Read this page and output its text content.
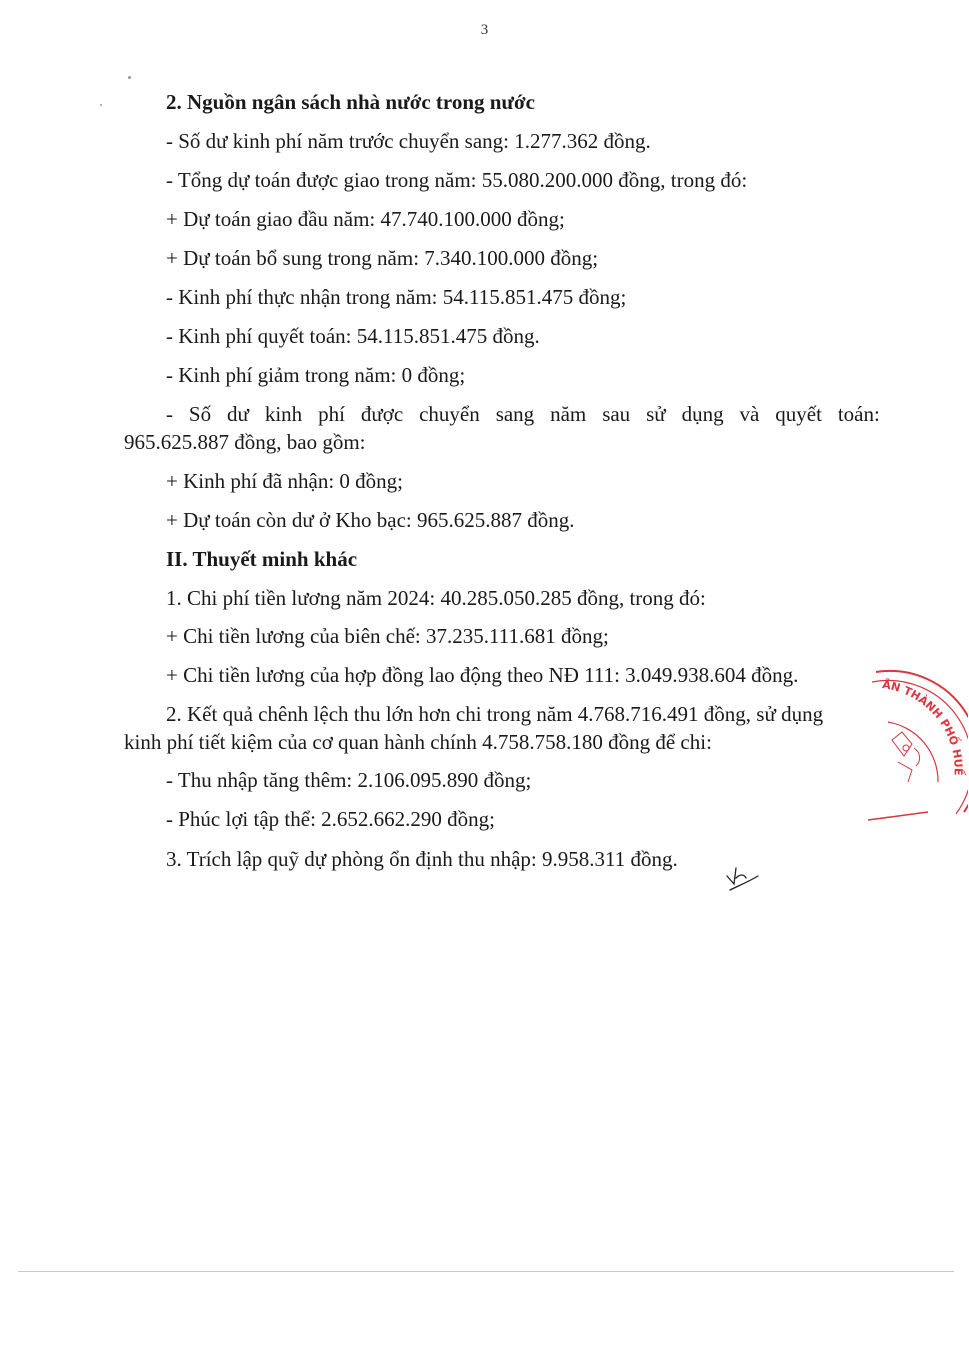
3
2. Nguồn ngân sách nhà nước trong nước
- Số dư kinh phí năm trước chuyển sang: 1.277.362 đồng.
- Tổng dự toán được giao trong năm: 55.080.200.000 đồng, trong đó:
+ Dự toán giao đầu năm: 47.740.100.000 đồng;
+ Dự toán bổ sung trong năm: 7.340.100.000 đồng;
- Kinh phí thực nhận trong năm: 54.115.851.475 đồng;
- Kinh phí quyết toán: 54.115.851.475 đồng.
- Kinh phí giảm trong năm: 0 đồng;
- Số dư kinh phí được chuyển sang năm sau sử dụng và quyết toán:
965.625.887 đồng, bao gồm:
+ Kinh phí đã nhận: 0 đồng;
+ Dự toán còn dư ở Kho bạc: 965.625.887 đồng.
II. Thuyết minh khác
1. Chi phí tiền lương năm 2024: 40.285.050.285 đồng, trong đó:
+ Chi tiền lương của biên chế: 37.235.111.681 đồng;
+ Chi tiền lương của hợp đồng lao động theo NĐ 111: 3.049.938.604 đồng.
2. Kết quả chênh lệch thu lớn hơn chi trong năm 4.768.716.491 đồng, sử dụng
kinh phí tiết kiệm của cơ quan hành chính 4.758.758.180 đồng để chi:
- Thu nhập tăng thêm: 2.106.095.890 đồng;
- Phúc lợi tập thể: 2.652.662.290 đồng;
3. Trích lập quỹ dự phòng ổn định thu nhập: 9.958.311 đồng.
ÂN THÀNH PHỐ HUẾ
